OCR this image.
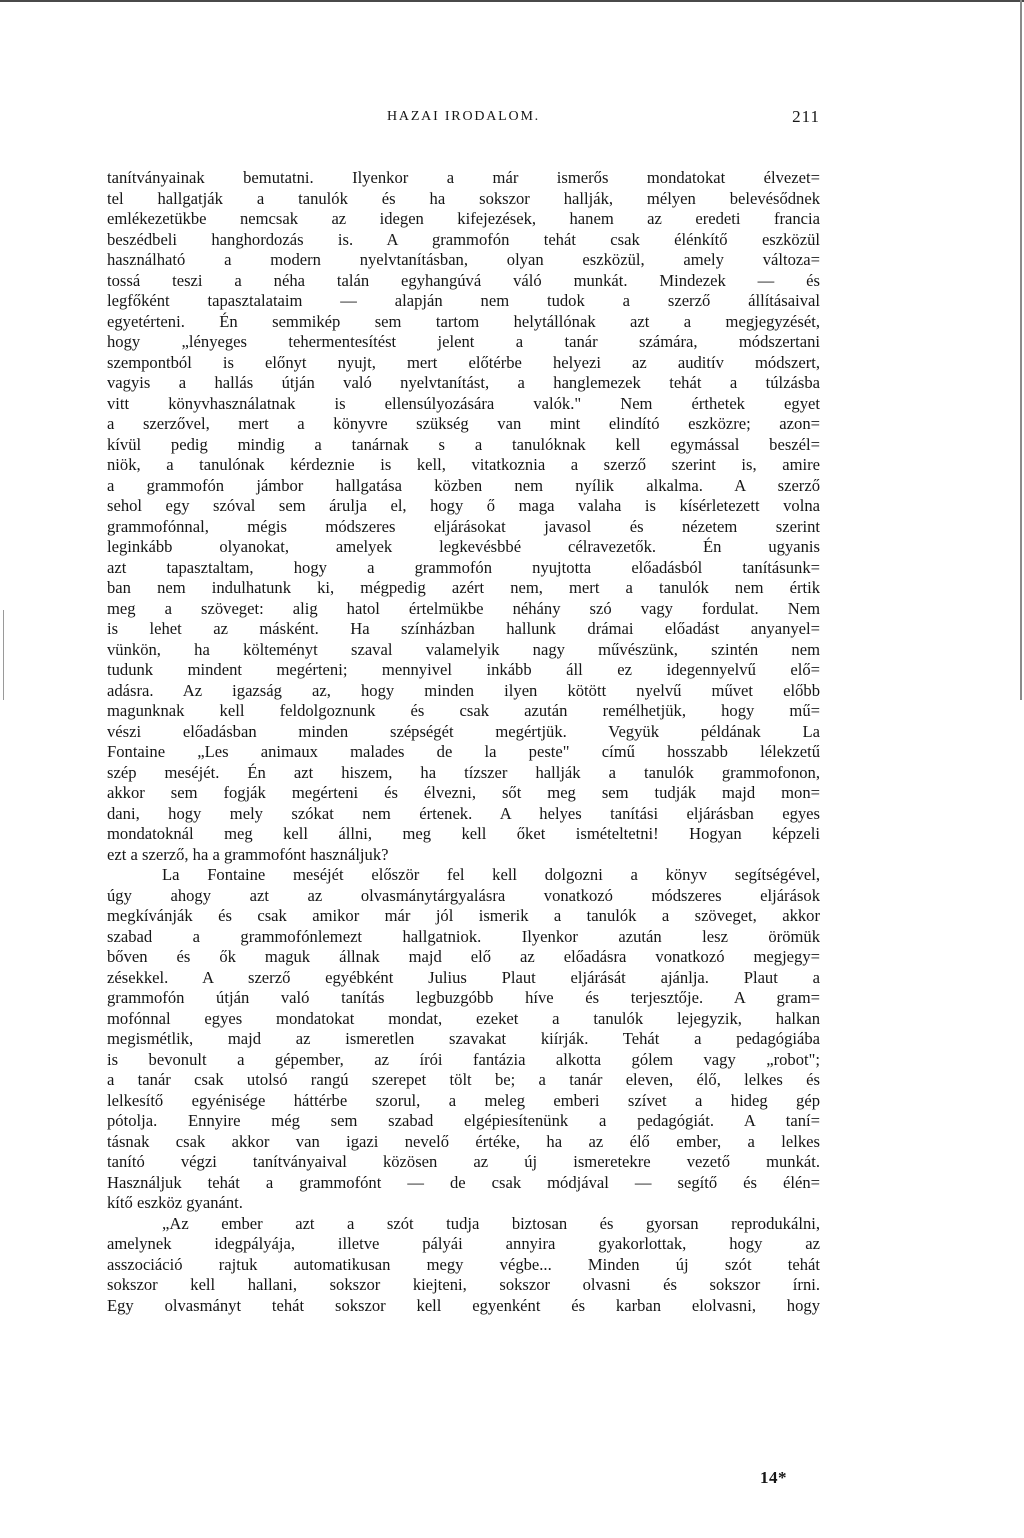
HAZAI IRODALOM.	211
tanítványainak bemutatni. Ilyenkor a már ismerős mondatokat élvezet=
tel hallgatják a tanulók és ha sokszor hallják, mélyen belevésődnek
emlékezetükbe nemcsak az idegen kifejezések, hanem az eredeti francia
beszédbeli hanghordozás is. A grammofón tehát csak élénkítő eszközül
használható a modern nyelvtanításban, olyan eszközül, amely változa=
tossá teszi a néha talán egyhangúvá váló munkát. Mindezek — és
legfőként tapasztalataim — alapján nem tudok a szerző állításaival
egyetérteni. Én semmikép sem tartom helytállónak azt a megjegyzését,
hogy „lényeges tehermentesítést jelent a tanár számára, módszertani
szempontból is előnyt nyujt, mert előtérbe helyezi az auditív módszert,
vagyis a hallás útján való nyelvtanítást, a hanglemezek tehát a túlzásba
vitt könyvhasználatnak is ellensúlyozására valók." Nem érthetek egyet
a szerzővel, mert a könyvre szükség van mint elindító eszközre; azon=
kívül pedig mindig a tanárnak s a tanulóknak kell egymással beszél=
niök, a tanulónak kérdeznie is kell, vitatkoznia a szerző szerint is, amire
a grammofón jámbor hallgatása közben nem nyílik alkalma. A szerző
sehol egy szóval sem árulja el, hogy ő maga valaha is kísérletezett volna
grammofónnal, mégis módszeres eljárásokat javasol és nézetem szerint
leginkább olyanokat, amelyek legkevésbbé célravezetők. Én ugyanis
azt tapasztaltam, hogy a grammofón nyujtotta előadásból tanításunk=
ban nem indulhatunk ki, mégpedig azért nem, mert a tanulók nem értik
meg a szöveget: alig hatol értelmükbe néhány szó vagy fordulat. Nem
is lehet az másként. Ha színházban hallunk drámai előadást anyanyel=
vünkön, ha költeményt szaval valamelyik nagy művészünk, szintén nem
tudunk mindent megérteni; mennyivel inkább áll ez idegennyelvű elő=
adásra. Az igazság az, hogy minden ilyen kötött nyelvű művet előbb
magunknak kell feldolgoznunk és csak azután remélhetjük, hogy mű=
vészi előadásban minden szépségét megértjük. Vegyük példának La
Fontaine „Les animaux malades de la peste" című hosszabb lélekzetű
szép meséjét. Én azt hiszem, ha tízszer hallják a tanulók grammofonon,
akkor sem fogják megérteni és élvezni, sőt meg sem tudják majd mon=
dani, hogy mely szókat nem értenek. A helyes tanítási eljárásban egyes
mondatoknál meg kell állni, meg kell őket ismételtetni! Hogyan képzeli
ezt a szerző, ha a grammofónt használjuk?
La Fontaine meséjét először fel kell dolgozni a könyv segítségével,
úgy ahogy azt az olvasmánytárgyalásra vonatkozó módszeres eljárások
megkívánják és csak amikor már jól ismerik a tanulók a szöveget, akkor
szabad a grammofónlemezt hallgatniok. Ilyenkor azután lesz örömük
bőven és ők maguk állnak majd elő az előadásra vonatkozó megjegy=
zésekkel. A szerző egyébként Julius Plaut eljárását ajánlja. Plaut a
grammofón útján való tanítás legbuzgóbb híve és terjesztője. A gram=
mofónnal egyes mondatokat mondat, ezeket a tanulók lejegyzik, halkan
megismétlik, majd az ismeretlen szavakat kiírják. Tehát a pedagógiába
is bevonult a gépember, az írói fantázia alkotta gólem vagy „robot";
a tanár csak utolsó rangú szerepet tölt be; a tanár eleven, élő, lelkes és
lelkesítő egyénisége háttérbe szorul, a meleg emberi szívet a hideg gép
pótolja. Ennyire még sem szabad elgépiesítenünk a pedagógiát. A taní=
tásnak csak akkor van igazi nevelő értéke, ha az élő ember, a lelkes
tanító végzi tanítványaival közösen az új ismeretekre vezető munkát.
Használjuk tehát a grammofónt — de csak módjával — segítő és élén=
kítő eszköz gyanánt.
„Az ember azt a szót tudja biztosan és gyorsan reprodukálni,
amelynek idegpályája, illetve pályái annyira gyakorlottak, hogy az
asszociáció rajtuk automatikusan megy végbe... Minden új szót tehát
sokszor kell hallani, sokszor kiejteni, sokszor olvasni és sokszor írni.
Egy olvasmányt tehát sokszor kell egyenként és karban elolvasni, hogy
14*
